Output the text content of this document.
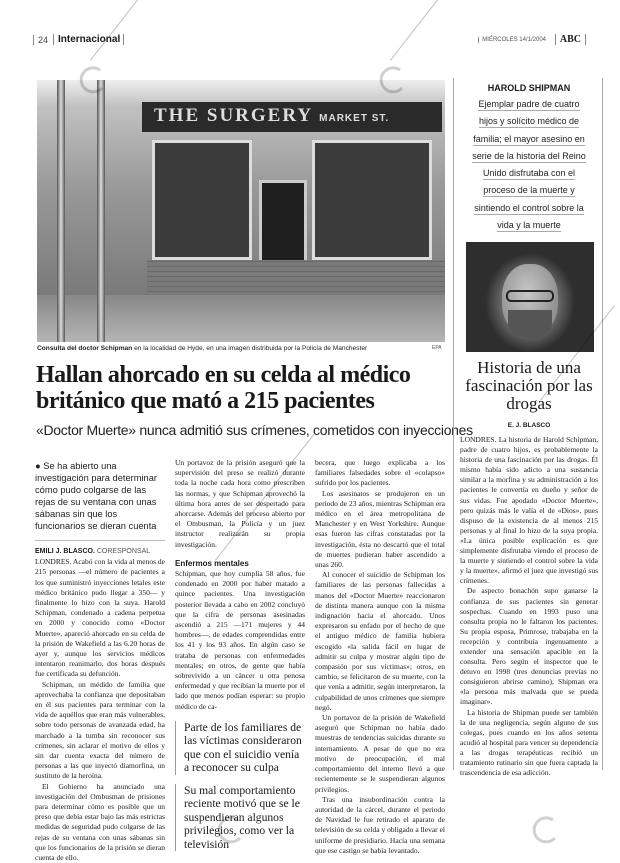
24 Internacional	MIÉRCOLES 14/1/2004	ABC
THE SURGERY MARKET ST.
Consulta del doctor Schipman en la localidad de Hyde, en una imagen distribuida por la Policía de Manchester	EPA
Hallan ahorcado en su celda al médico británico que mató a 215 pacientes
«Doctor Muerte» nunca admitió sus crímenes, cometidos con inyecciones
● Se ha abierto una investigación para determinar cómo pudo colgarse de las rejas de su ventana con unas sábanas sin que los funcionarios se dieran cuenta
EMILI J. BLASCO. CORESPONSAL

LONDRES. Acabó con la vida al menos de 215 personas —el número de pacientes a los que suministró inyecciones letales este médico británico pudo llegar a 350— y finalmente lo hizo con la suya. Harold Schipman, condenado a cadena perpetua en 2000 y conocido como «Doctor Muerte», apareció ahorcado en su celda de la prisión de Wakefield a las 6.20 horas de ayer y, aunque los servicios médicos intentaron reanimarlo, dos horas después fue certificada su defunción.

Schipman, un médido de familia que aprovechaba la confianza que depositaban en él sus pacientes para terminar con la vida de aquéllos que eran más vulnerables, sobre todo personas de avanzada edad, ha marchado a la tumba sin reconocer sus crímenes, sin aclarar el motivo de ellos y sin dar cuenta exacta del número de personas a las que inyectó diamorfina, un sustituto de la heroína.

El Gobierno ha anunciado una investigación del Ombusman de prisiones para determinar cómo es posible que un preso que debía estar bajo las más estrictas medidas de seguridad pudo colgarse de las rejas de su ventana con unas sábanas sin que los funcionarios de la prisión se dieran cuenta de ello.

Un portavoz de la prisión aseguró que la supervisión del preso se realizó durante toda la noche cada hora como prescriben las normas, y que Schipman aprovechó la última hora antes de ser despertado para ahorcarse. Además del proceso abierto por el Ombusman, la Policía y un juez instructor realizarán su propia investigación.

Enfermos mentales

Schipman, que hoy cumplía 58 años, fue condenado en 2000 por haber matado a quince pacientes. Una investigación posterior llevada a cabo en 2002 concluyó que la cifra de personas asesinadas ascendió a 215 —171 mujeres y 44 hombres—, de edades comprendidas entre los 41 y los 93 años. En algún caso se trataba de personas con enfermedades mentales; en otros, de gente que había sobrevivido a un cáncer u otra penosa enfermedad y que recibían la muerte por el lado que menos podían esperar: su propio médico de ca-

Parte de los familiares de las víctimas consideraron que con el suicidio venía a reconocer su culpa
Su mal comportamiento reciente motivó que se le suspendieran algunos privilegios, como ver la televisión

becera, que luego explicaba a los familiares falsedades sobre el «colapso» sufrido por los pacientes.

Los asesinatos se produjeron en un periodo de 23 años, mientras Schipman era médico en el área metropolitana de Manchester y en West Yorkshire. Aunque esas fueron las cifras constatadas por la investigación, ésta no descartó que el total de muertes pudieran haber ascendido a unas 260.

Al conocer el suicidio de Schipman los familiares de las personas fallecidas a manos del «Doctor Muerte» reaccionaron de distinta manera aunque con la misma indignación hacia el ahorcado. Unos expresaron su enfado por el hecho de que el antiguo médico de familia hubiera escogido «la salida fácil en lugar de admitir su culpa y mostrar algún tipo de compasión por sus víctimas»; otros, en cambio, se felicitaron de su muerte, con la que venía a admitir, según interpretaron, la culpabilidad de unos crímenes que siempre negó.

Un portavoz de la prisión de Wakefield aseguró que Schipman no había dado muestras de tendencias suicidas durante su internamiento. A pesar de que no era motivo de preocupación, el mal comportamiento del interno llevó a que recientemente se le suspendieran algunos privilegios.

Tras una insubordinación contra la autoridad de la cárcel, durante el periodo de Navidad le fue retirado el aparato de televisión de su celda y obligado a llevar el uniforme de presidiario. Hacía una semana que ese castigo se había levantado.

HAROLD SHIPMAN
Ejemplar padre de cuatro
hijos y solícito médico de
familia; el mayor asesino en
serie de la historia del Reino
Unido disfrutaba con el
proceso de la muerte y
sintiendo el control sobre la
vida y la muerte
Historia de una fascinación por las drogas
E. J. BLASCO

LONDRES. La historia de Harold Schipman, padre de cuatro hijos, es probablemente la historia de una fascinación por las drogas. Él mismo había sido adicto a una sustancia similar a la morfina y su administración a los pacientes le convertía en dueño y señor de sus vidas. Fue apodado «Doctor Muerte», pero quizás más le valía el de «Dios», pues dispuso de la existencia de al menos 215 personas y al final lo hizo de la suya propia. «La única posible explicación es que simplemente disfrutaba viendo el proceso de la muerte y sintiendo el control sobre la vida y la muerte», afirmó el juez que investigó sus crímenes.

De aspecto bonachón supo ganarse la confianza de sus pacientes sin generar sospechas. Cuando en 1993 puso una consulta propia no le faltaron los pacientes. Su propia esposa, Primrose, trabajaba en la recepción y contribuía ingenuamente a extender una sensación apacible en la consulta. Pero según el inspector que le detuvo en 1998 (tres denuncias previas no consiguieron abrirse camino), Shipman era «la persona más malvada que se pueda imaginar».

La historia de Shipman puede ser también la de una negligencia, según alguno de sus colegas, pues cuando en los años setenta acudió al hospital para vencer su dependencia a las drogas terapéuticas recibió un tratamiento rutinario sin que fuera captada la trascendencia de esa adicción.
